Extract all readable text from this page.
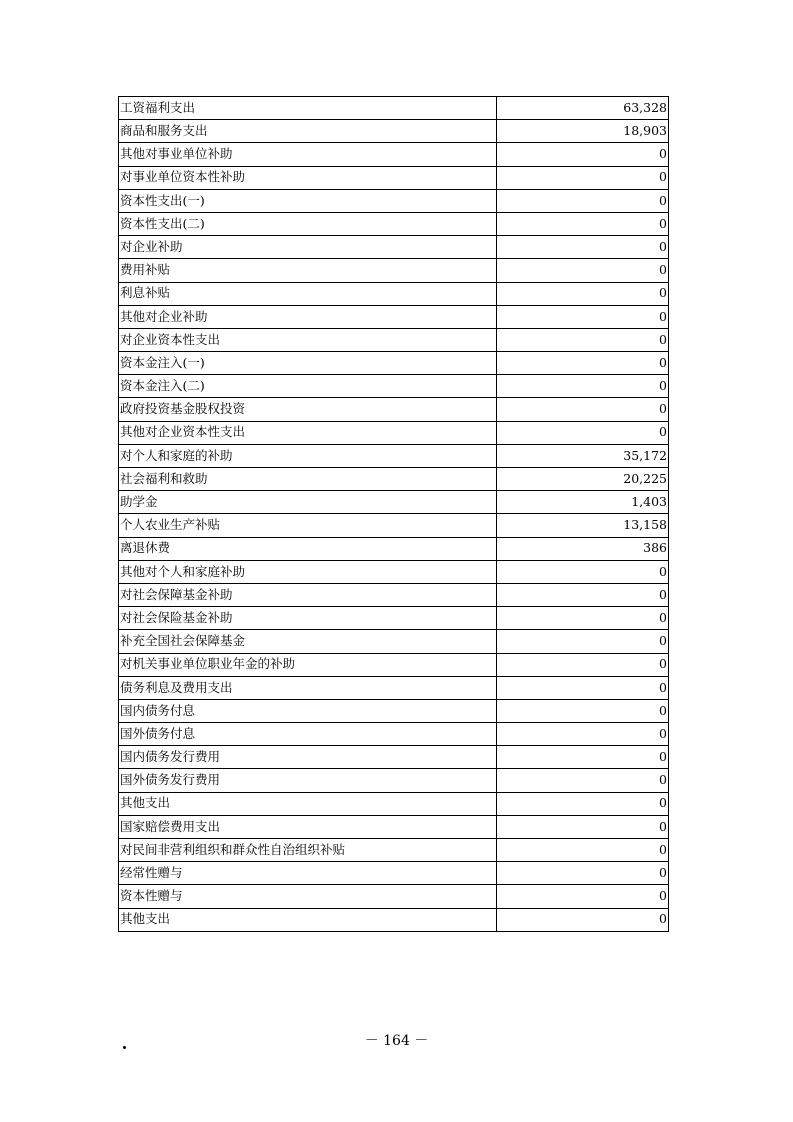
工资福利支出	63,328
商品和服务支出	18,903
其他对事业单位补助	0
对事业单位资本性补助	0
资本性支出(一)	0
资本性支出(二)	0
对企业补助	0
费用补贴	0
利息补贴	0
其他对企业补助	0
对企业资本性支出	0
资本金注入(一)	0
资本金注入(二)	0
政府投资基金股权投资	0
其他对企业资本性支出	0
对个人和家庭的补助	35,172
社会福利和救助	20,225
助学金	1,403
个人农业生产补贴	13,158
离退休费	386
其他对个人和家庭补助	0
对社会保障基金补助	0
对社会保险基金补助	0
补充全国社会保障基金	0
对机关事业单位职业年金的补助	0
债务利息及费用支出	0
国内债务付息	0
国外债务付息	0
国内债务发行费用	0
国外债务发行费用	0
其他支出	0
国家赔偿费用支出	0
对民间非营利组织和群众性自治组织补贴	0
经常性赠与	0
资本性赠与	0
其他支出	0
－ 164 －
